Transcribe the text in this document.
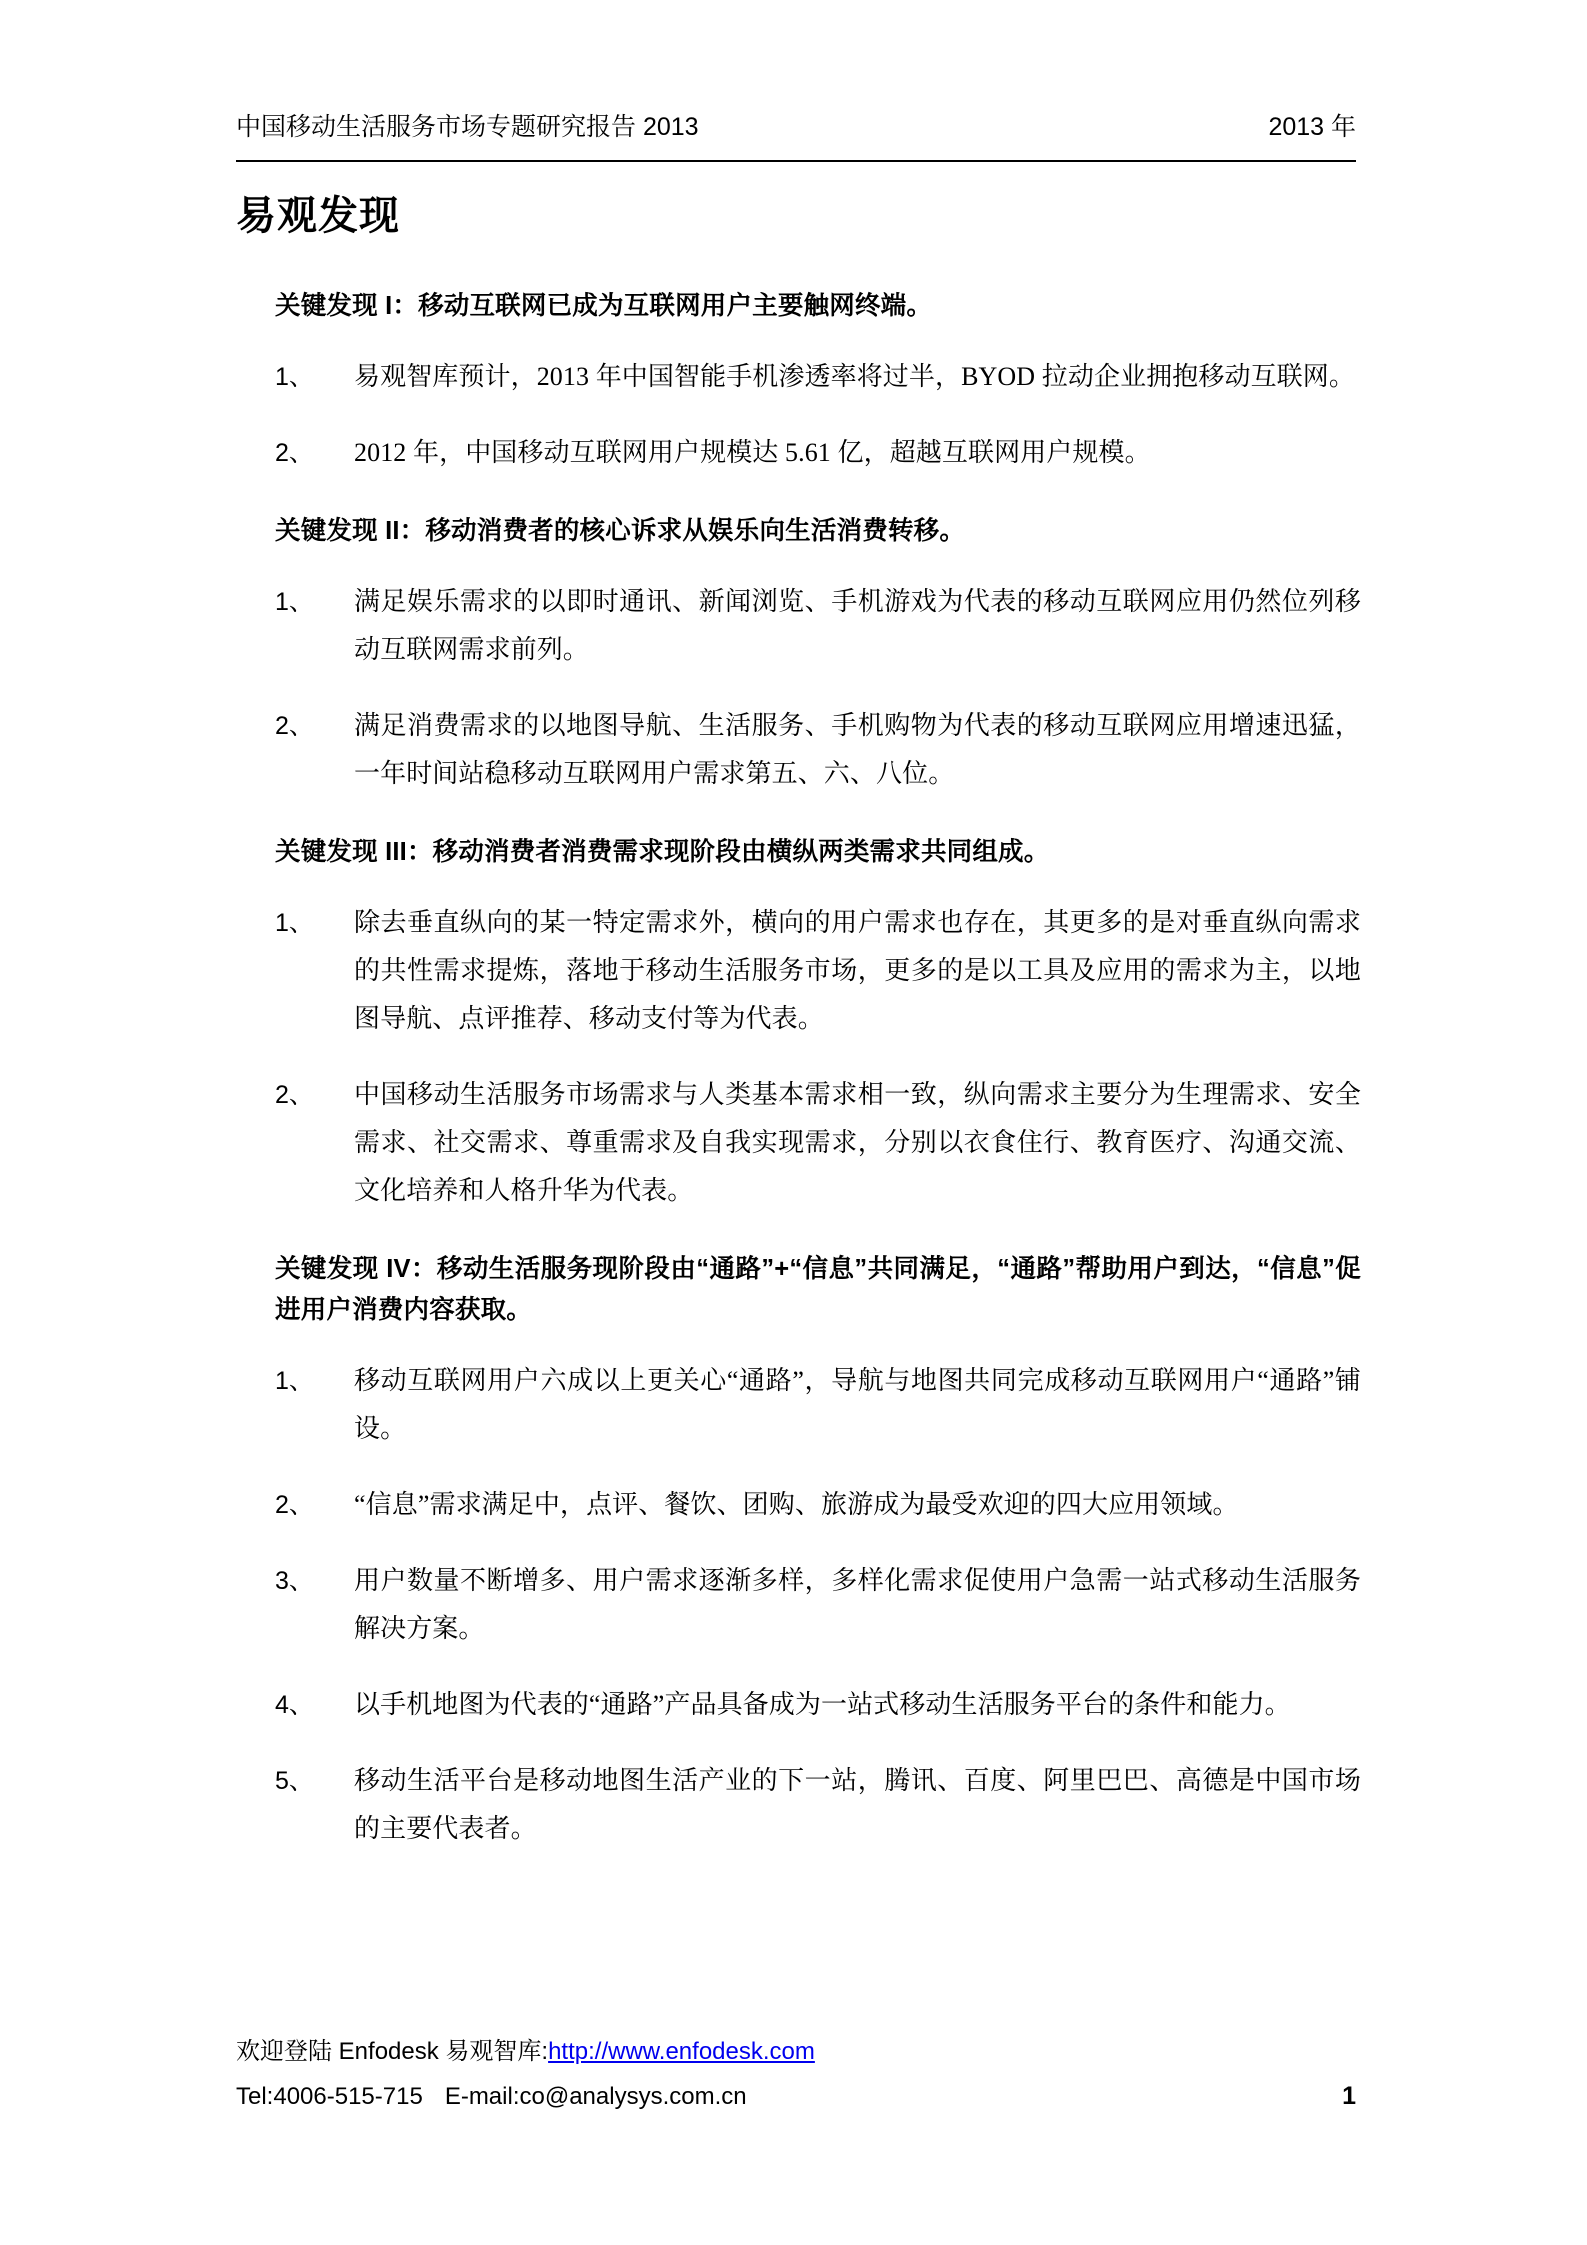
中国移动生活服务市场专题研究报告 2013	2013 年
易观发现
关键发现 I：移动互联网已成为互联网用户主要触网终端。
1、	易观智库预计，2013 年中国智能手机渗透率将过半，BYOD 拉动企业拥抱移动互联网。
2、	2012 年，中国移动互联网用户规模达 5.61 亿，超越互联网用户规模。
关键发现 II：移动消费者的核心诉求从娱乐向生活消费转移。
1、	满足娱乐需求的以即时通讯、新闻浏览、手机游戏为代表的移动互联网应用仍然位列移动互联网需求前列。
2、	满足消费需求的以地图导航、生活服务、手机购物为代表的移动互联网应用增速迅猛，一年时间站稳移动互联网用户需求第五、六、八位。
关键发现 III：移动消费者消费需求现阶段由横纵两类需求共同组成。
1、	除去垂直纵向的某一特定需求外，横向的用户需求也存在，其更多的是对垂直纵向需求的共性需求提炼，落地于移动生活服务市场，更多的是以工具及应用的需求为主，以地图导航、点评推荐、移动支付等为代表。
2、	中国移动生活服务市场需求与人类基本需求相一致，纵向需求主要分为生理需求、安全需求、社交需求、尊重需求及自我实现需求，分别以衣食住行、教育医疗、沟通交流、文化培养和人格升华为代表。
关键发现 IV：移动生活服务现阶段由“通路”+“信息”共同满足，“通路”帮助用户到达，“信息”促进用户消费内容获取。
1、	移动互联网用户六成以上更关心“通路”，导航与地图共同完成移动互联网用户“通路”铺设。
2、	“信息”需求满足中，点评、餐饮、团购、旅游成为最受欢迎的四大应用领域。
3、	用户数量不断增多、用户需求逐渐多样，多样化需求促使用户急需一站式移动生活服务解决方案。
4、	以手机地图为代表的“通路”产品具备成为一站式移动生活服务平台的条件和能力。
5、	移动生活平台是移动地图生活产业的下一站，腾讯、百度、阿里巴巴、高德是中国市场的主要代表者。
欢迎登陆 Enfodesk 易观智库:http://www.enfodesk.com
Tel:4006-515-715 E-mail:co@analysys.com.cn	1
